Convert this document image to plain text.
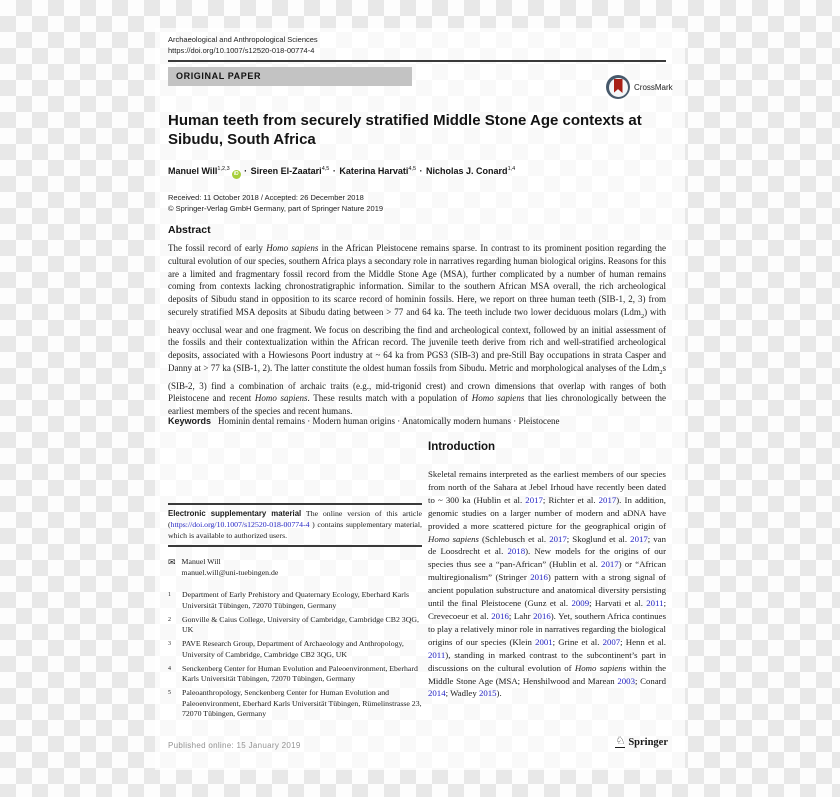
Archaeological and Anthropological Sciences
https://doi.org/10.1007/s12520-018-00774-4
ORIGINAL PAPER
CrossMark
Human teeth from securely stratified Middle Stone Age contexts at Sibudu, South Africa
Manuel Will$^{1,2,3}$iD · Sireen El-Zaatari$^{4,5}$ · Katerina Harvati$^{4,5}$ · Nicholas J. Conard$^{1,4}$
Received: 11 October 2018 / Accepted: 26 December 2018
© Springer-Verlag GmbH Germany, part of Springer Nature 2019
Abstract
The fossil record of early Homo sapiens in the African Pleistocene remains sparse. In contrast to its prominent position regarding the cultural evolution of our species, southern Africa plays a secondary role in narratives regarding human biological origins. Reasons for this are a limited and fragmentary fossil record from the Middle Stone Age (MSA), further complicated by a number of human remains coming from contexts lacking chronostratigraphic information. Similar to the southern African MSA overall, the rich archeological deposits of Sibudu stand in opposition to its scarce record of hominin fossils. Here, we report on three human teeth (SIB-1, 2, 3) from securely stratified MSA deposits at Sibudu dating between > 77 and 64 ka. The teeth include two lower deciduous molars (Ldm$_2$) with heavy occlusal wear and one fragment. We focus on describing the find and archeological context, followed by an initial assessment of the fossils and their contextualization within the African record. The juvenile teeth derive from rich and well-stratified archeological deposits, associated with a Howiesons Poort industry at ~ 64 ka from PGS3 (SIB-3) and pre-Still Bay occupations in strata Casper and Danny at > 77 ka (SIB-1, 2). The latter constitute the oldest human fossils from Sibudu. Metric and morphological analyses of the Ldm$_2$s (SIB-2, 3) find a combination of archaic traits (e.g., mid-trigonid crest) and crown dimensions that overlap with ranges of both Pleistocene and recent Homo sapiens. These results match with a population of Homo sapiens that lies chronologically between the earliest members of the species and recent humans.
Keywords Hominin dental remains · Modern human origins · Anatomically modern humans · Pleistocene
Electronic supplementary material The online version of this article (https://doi.org/10.1007/s12520-018-00774-4 ) contains supplementary material, which is available to authorized users.
✉ Manuel Will
manuel.will@uni-tuebingen.de
1	Department of Early Prehistory and Quaternary Ecology, Eberhard Karls Universität Tübingen, 72070 Tübingen, Germany
2	Gonville & Caius College, University of Cambridge, Cambridge CB2 3QG, UK
3	PAVE Research Group, Department of Archaeology and Anthropology, University of Cambridge, Cambridge CB2 3QG, UK
4	Senckenberg Center for Human Evolution and Paleoenvironment, Eberhard Karls Universität Tübingen, 72070 Tübingen, Germany
5	Paleoanthropology, Senckenberg Center for Human Evolution and Paleoenvironment, Eberhard Karls Universität Tübingen, Rümelinstrasse 23, 72070 Tübingen, Germany
Introduction
Skeletal remains interpreted as the earliest members of our species from north of the Sahara at Jebel Irhoud have recently been dated to ~ 300 ka (Hublin et al. 2017; Richter et al. 2017). In addition, genomic studies on a larger number of modern and aDNA have provided a more scattered picture for the geographical origin of Homo sapiens (Schlebusch et al. 2017; Skoglund et al. 2017; van de Loosdrecht et al. 2018). New models for the origins of our species thus see a “pan-African” (Hublin et al. 2017) or “African multiregionalism” (Stringer 2016) pattern with a strong signal of ancient population substructure and anatomical diversity persisting until the final Pleistocene (Gunz et al. 2009; Harvati et al. 2011; Crevecoeur et al. 2016; Lahr 2016). Yet, southern Africa continues to play a relatively minor role in narratives regarding the biological origins of our species (Klein 2001; Grine et al. 2007; Henn et al. 2011), standing in marked contrast to the subcontinent’s part in discussions on the cultural evolution of Homo sapiens within the Middle Stone Age (MSA; Henshilwood and Marean 2003; Conard 2014; Wadley 2015).
Published online: 15 January 2019	♘ Springer
